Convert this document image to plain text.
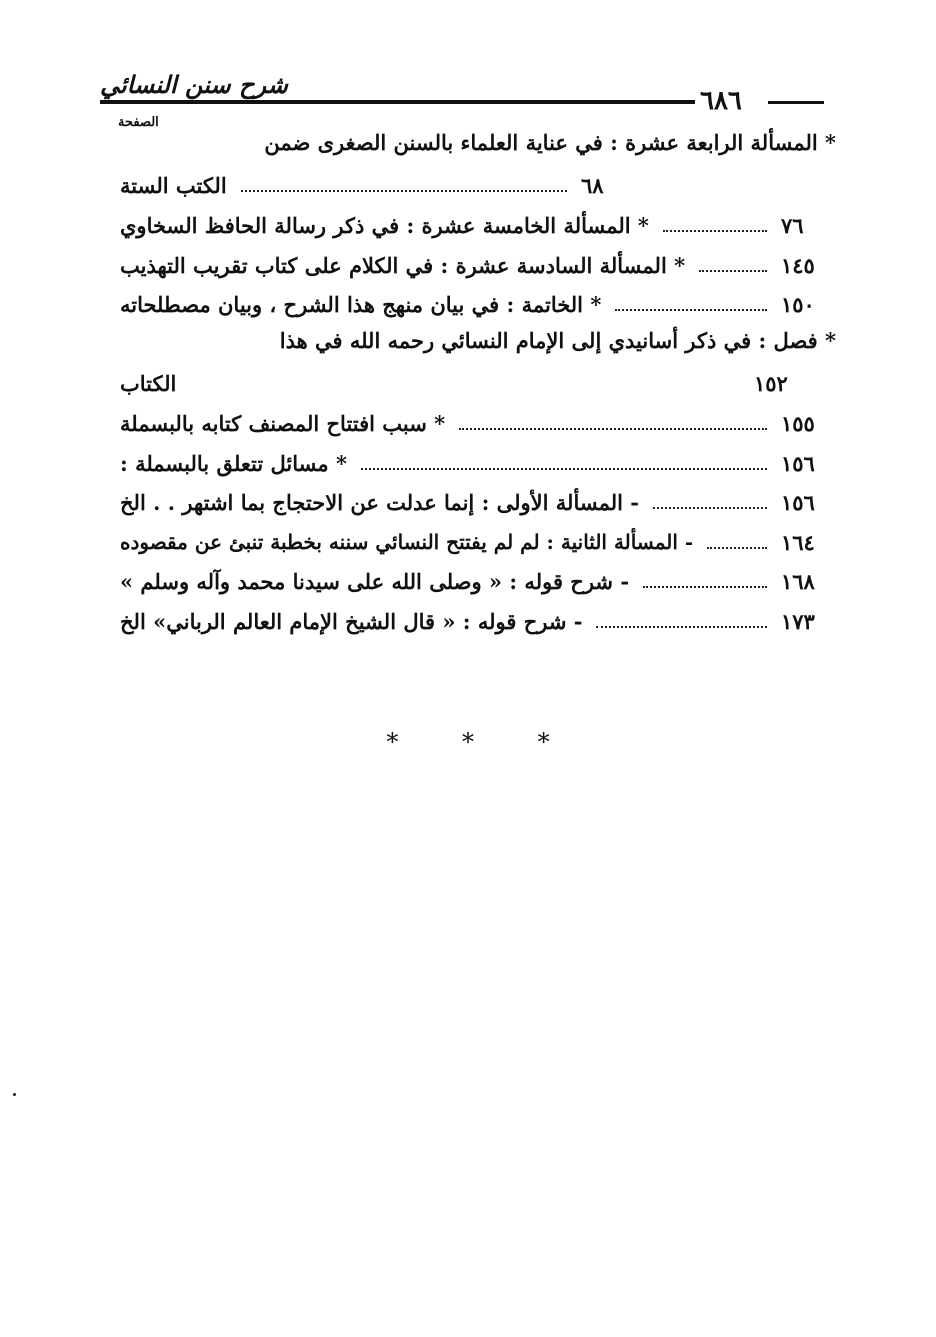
شرح سنن النسائي
٦٨٦
الصفحة
* المسألة الرابعة عشرة : في عناية العلماء بالسنن الصغرى ضمن
الكتب الستة	٦٨
* المسألة الخامسة عشرة : في ذكر رسالة الحافظ السخاوي	٧٦
* المسألة السادسة عشرة : في الكلام على كتاب تقريب التهذيب	١٤٥
* الخاتمة : في بيان منهج هذا الشرح ، وبيان مصطلحاته	١٥٠
* فصل : في ذكر أسانيدي إلى الإمام النسائي رحمه الله في هذا
الكتاب	١٥٢
* سبب افتتاح المصنف كتابه بالبسملة	١٥٥
* مسائل تتعلق بالبسملة :	١٥٦
- المسألة الأولى : إنما عدلت عن الاحتجاج بما اشتهر . . الخ	١٥٦
- المسألة الثانية : لم لم يفتتح النسائي سننه بخطبة تنبئ عن مقصوده	١٦٤
- شرح قوله : « وصلى الله على سيدنا محمد وآله وسلم »	١٦٨
- شرح قوله : « قال الشيخ الإمام العالم الرباني» الخ	١٧٣
*	*	*
